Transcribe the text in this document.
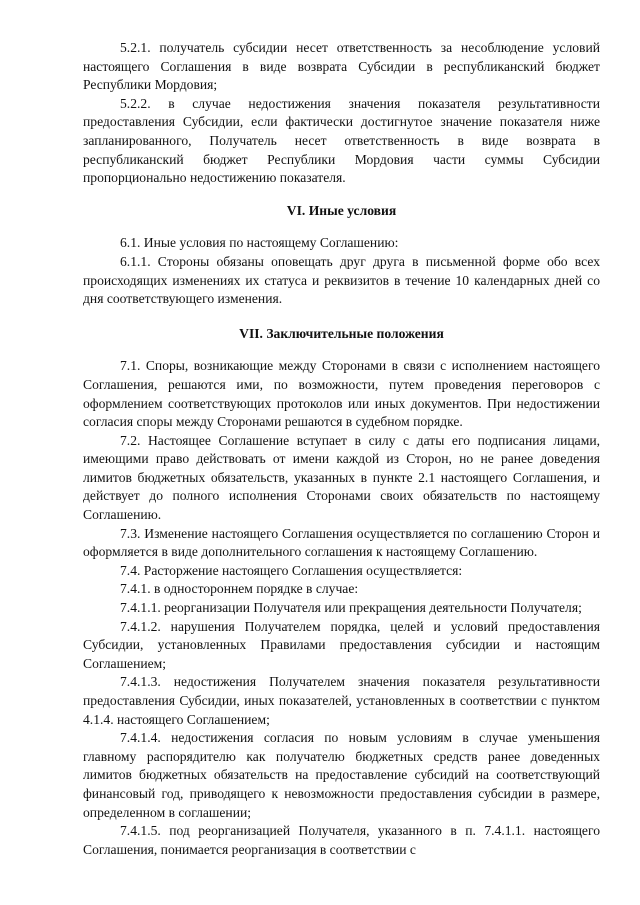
5.2.1. получатель субсидии несет ответственность за несоблюдение условий настоящего Соглашения в виде возврата Субсидии в республиканский бюджет Республики Мордовия;

5.2.2. в случае недостижения значения показателя результативности предоставления Субсидии, если фактически достигнутое значение показателя ниже запланированного, Получатель несет ответственность в виде возврата в республиканский бюджет Республики Мордовия части суммы Субсидии пропорционально недостижению показателя.

VI. Иные условия

6.1. Иные условия по настоящему Соглашению:

6.1.1. Стороны обязаны оповещать друг друга в письменной форме обо всех происходящих изменениях их статуса и реквизитов в течение 10 календарных дней со дня соответствующего изменения.

VII. Заключительные положения

7.1. Споры, возникающие между Сторонами в связи с исполнением настоящего Соглашения, решаются ими, по возможности, путем проведения переговоров с оформлением соответствующих протоколов или иных документов. При недостижении согласия споры между Сторонами решаются в судебном порядке.

7.2. Настоящее Соглашение вступает в силу с даты его подписания лицами, имеющими право действовать от имени каждой из Сторон, но не ранее доведения лимитов бюджетных обязательств, указанных в пункте 2.1 настоящего Соглашения, и действует до полного исполнения Сторонами своих обязательств по настоящему Соглашению.

7.3. Изменение настоящего Соглашения осуществляется по соглашению Сторон и оформляется в виде дополнительного соглашения к настоящему Соглашению.

7.4. Расторжение настоящего Соглашения осуществляется:

7.4.1. в одностороннем порядке в случае:

7.4.1.1. реорганизации Получателя или прекращения деятельности Получателя;

7.4.1.2. нарушения Получателем порядка, целей и условий предоставления Субсидии, установленных Правилами предоставления субсидии и настоящим Соглашением;

7.4.1.3. недостижения Получателем значения показателя результативности предоставления Субсидии, иных показателей, установленных в соответствии с пунктом 4.1.4. настоящего Соглашением;

7.4.1.4. недостижения согласия по новым условиям в случае уменьшения главному распорядителю как получателю бюджетных средств ранее доведенных лимитов бюджетных обязательств на предоставление субсидий на соответствующий финансовый год, приводящего к невозможности предоставления субсидии в размере, определенном в соглашении;

7.4.1.5. под реорганизацией Получателя, указанного в п. 7.4.1.1. настоящего Соглашения, понимается реорганизация в соответствии с
